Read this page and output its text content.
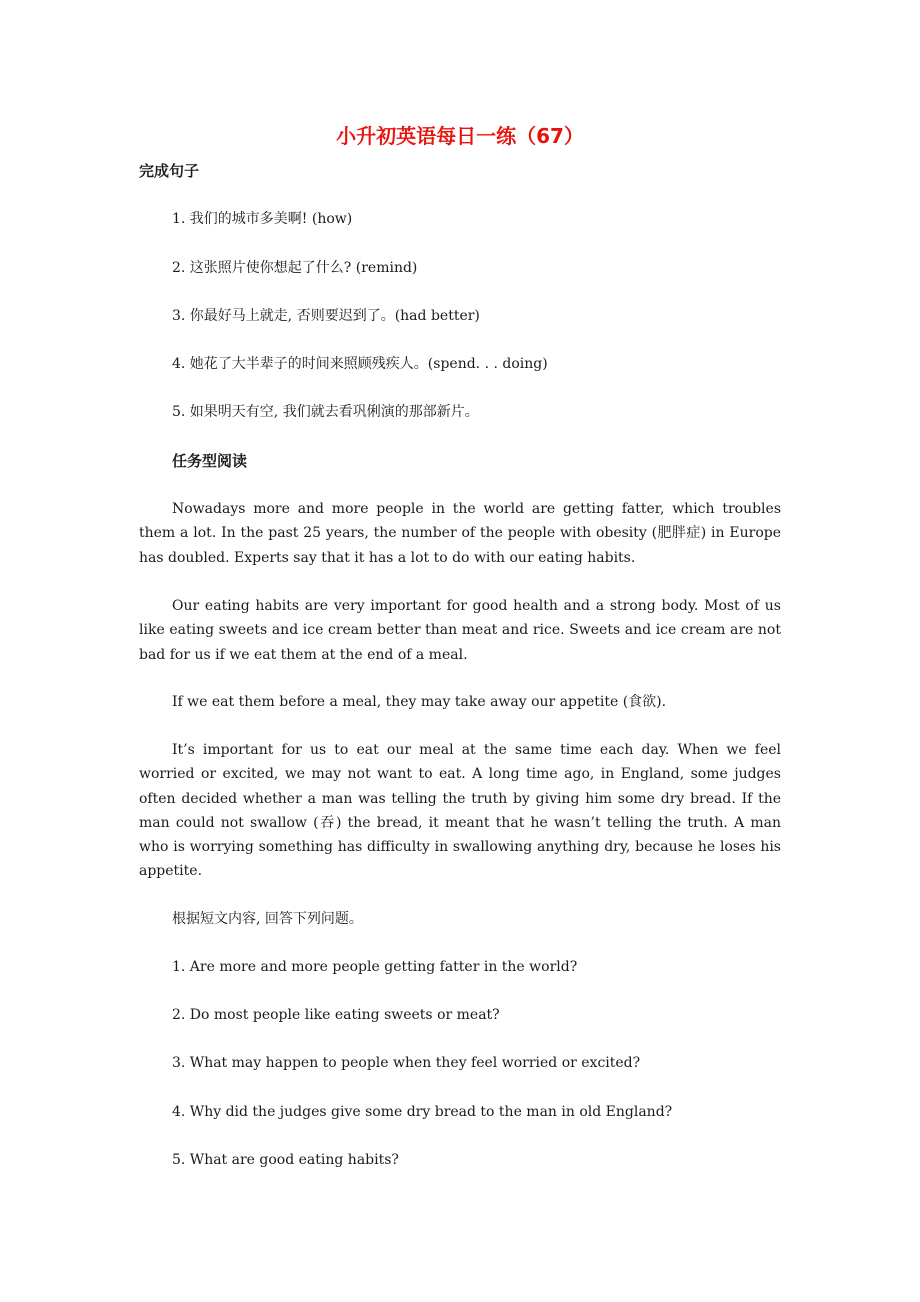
小升初英语每日一练（67）
完成句子

1. 我们的城市多美啊! (how)

2. 这张照片使你想起了什么? (remind)

3. 你最好马上就走, 否则要迟到了。(had better)

4. 她花了大半辈子的时间来照顾残疾人。(spend. . . doing)

5. 如果明天有空, 我们就去看巩俐演的那部新片。

任务型阅读

Nowadays more and more people in the world are getting fatter, which troubles them a lot. In the past 25 years, the number of the people with obesity (肥胖症) in Europe has doubled. Experts say that it has a lot to do with our eating habits.

Our eating habits are very important for good health and a strong body. Most of us like eating sweets and ice cream better than meat and rice. Sweets and ice cream are not bad for us if we eat them at the end of a meal.

If we eat them before a meal, they may take away our appetite (食欲).

It’s important for us to eat our meal at the same time each day. When we feel worried or excited, we may not want to eat. A long time ago, in England, some judges often decided whether a man was telling the truth by giving him some dry bread. If the man could not swallow (吞) the bread, it meant that he wasn’t telling the truth. A man who is worrying something has difficulty in swallowing anything dry, because he loses his appetite.

根据短文内容, 回答下列问题。

1. Are more and more people getting fatter in the world?

2. Do most people like eating sweets or meat?

3. What may happen to people when they feel worried or excited?

4. Why did the judges give some dry bread to the man in old England?

5. What are good eating habits?
